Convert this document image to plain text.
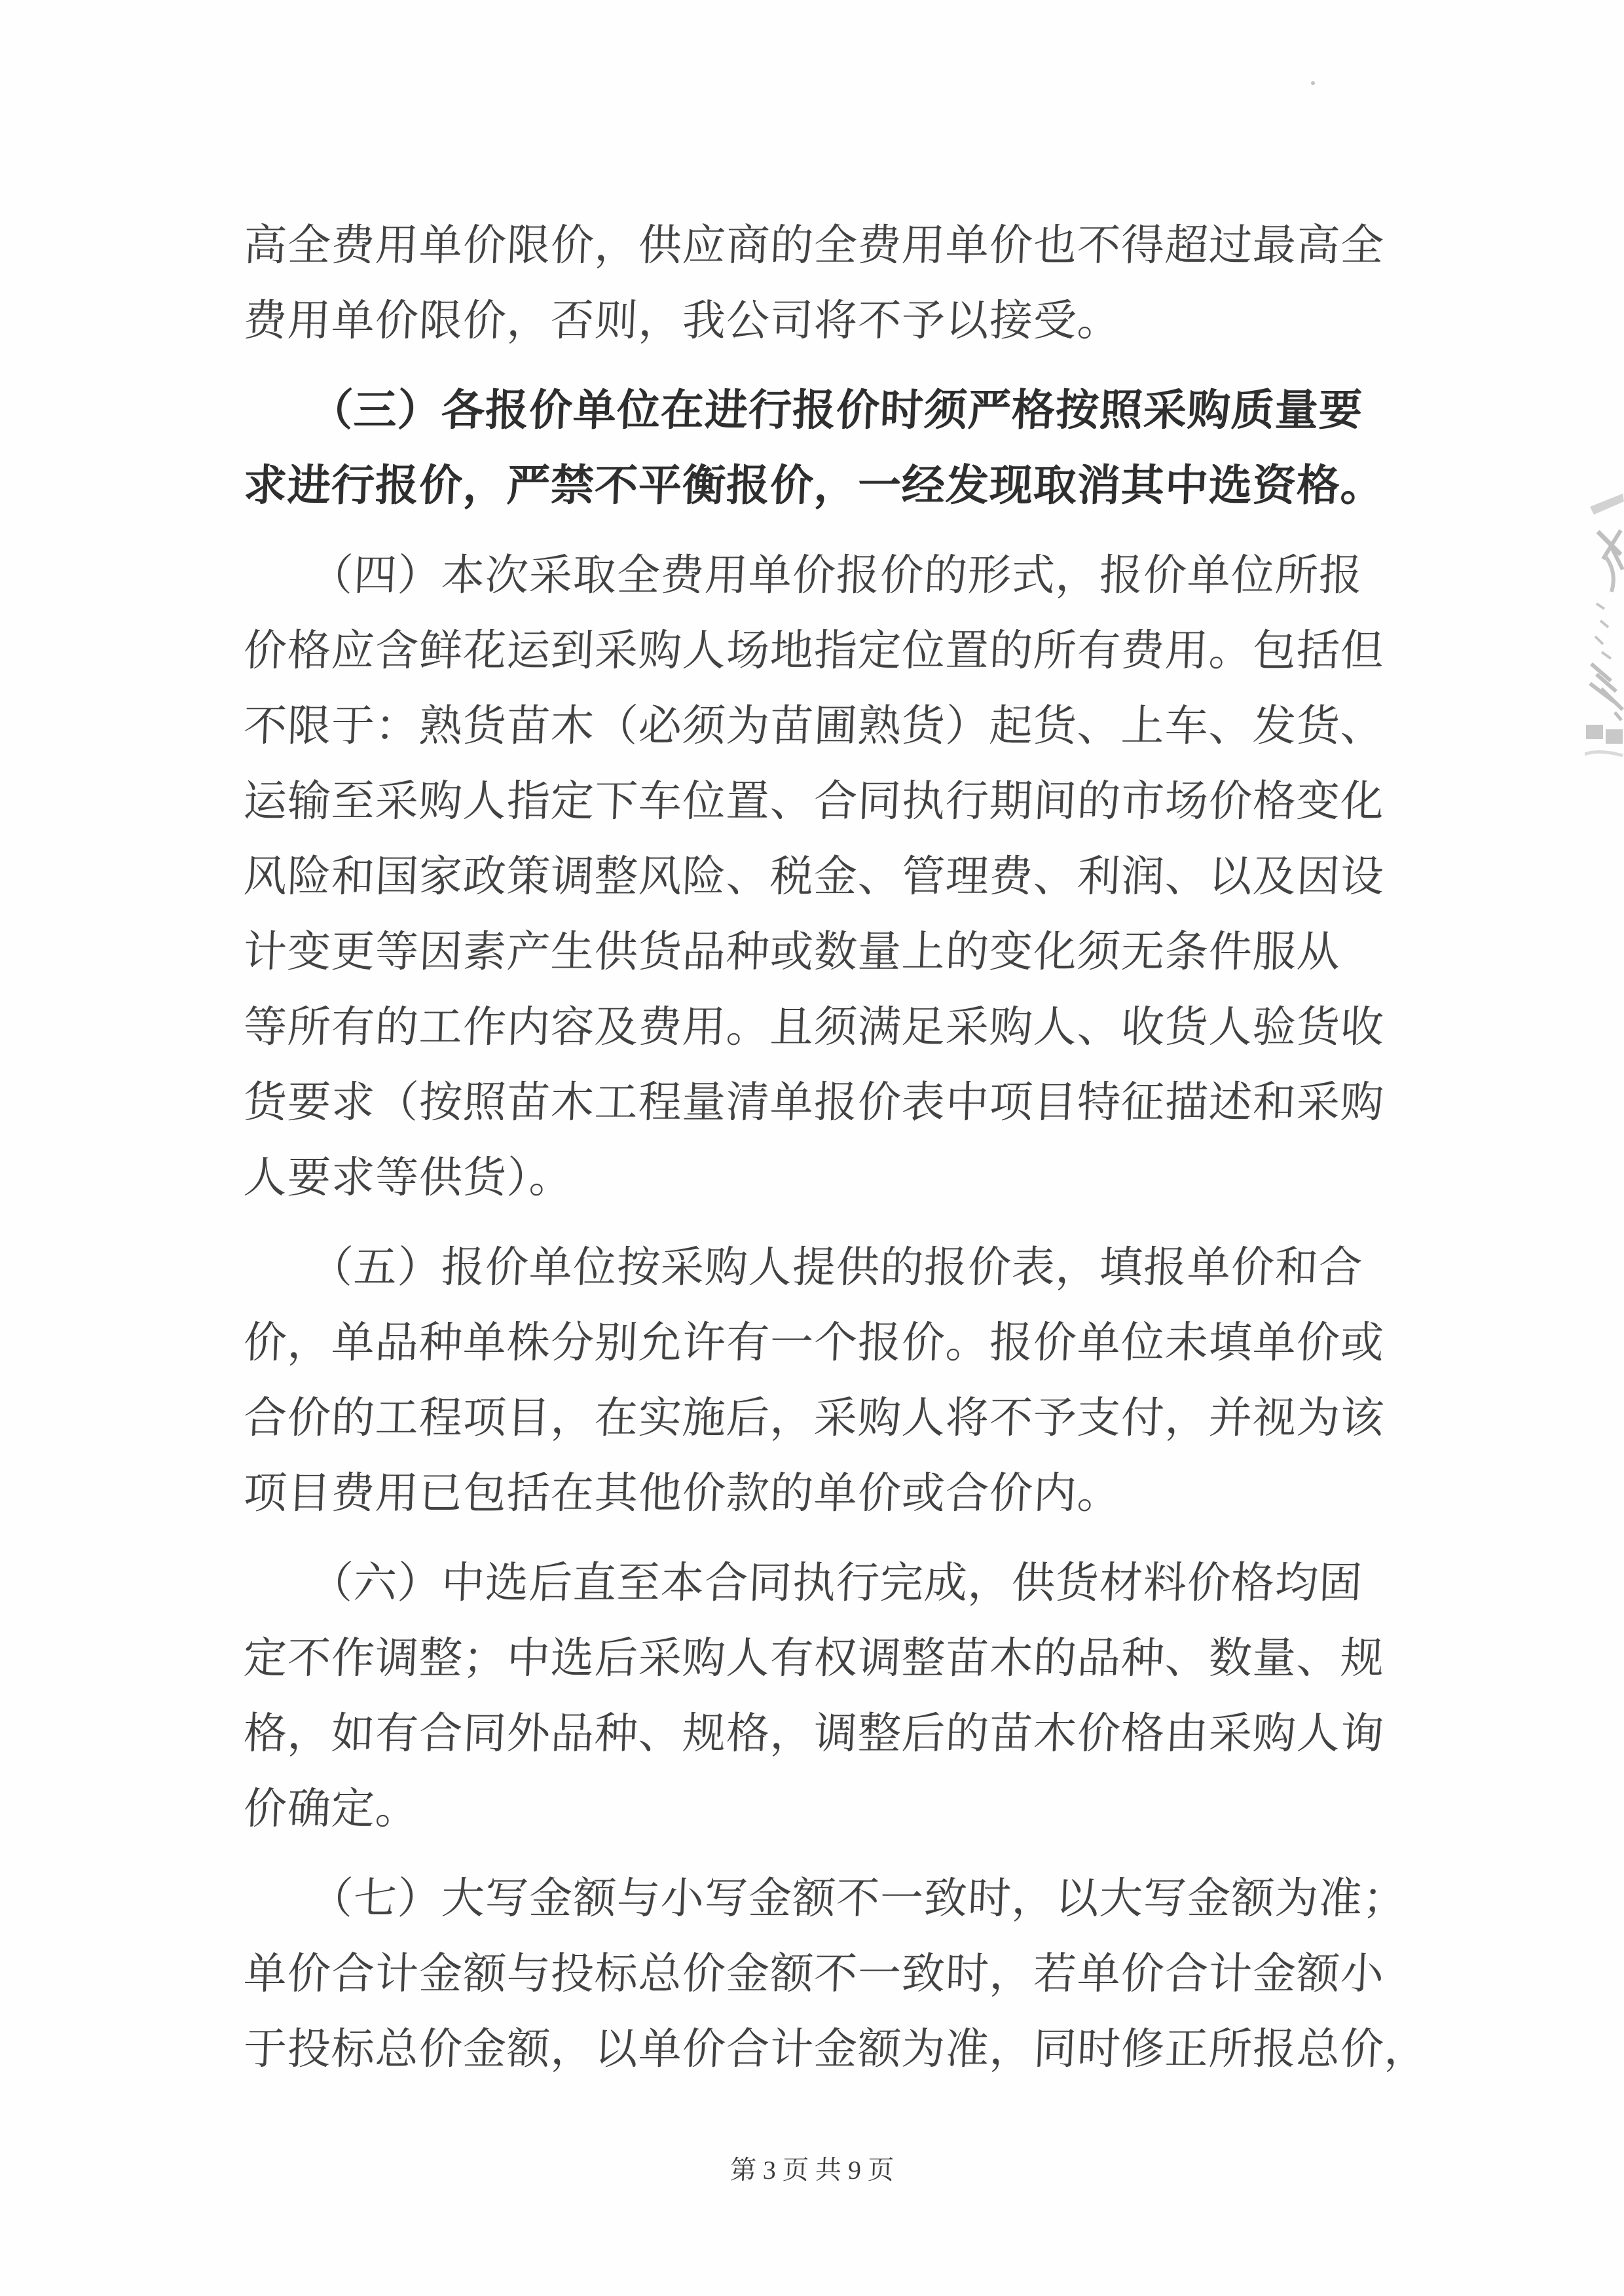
高全费用单价限价，供应商的全费用单价也不得超过最高全

费用单价限价，否则，我公司将不予以接受。

　　（三）各报价单位在进行报价时须严格按照采购质量要

求进行报价，严禁不平衡报价，一经发现取消其中选资格。

　　（四）本次采取全费用单价报价的形式，报价单位所报

价格应含鲜花运到采购人场地指定位置的所有费用。包括但

不限于：熟货苗木（必须为苗圃熟货）起货、上车、发货、

运输至采购人指定下车位置、合同执行期间的市场价格变化

风险和国家政策调整风险、税金、管理费、利润、以及因设

计变更等因素产生供货品种或数量上的变化须无条件服从

等所有的工作内容及费用。且须满足采购人、收货人验货收

货要求（按照苗木工程量清单报价表中项目特征描述和采购

人要求等供货）。

　　（五）报价单位按采购人提供的报价表，填报单价和合

价，单品种单株分别允许有一个报价。报价单位未填单价或

合价的工程项目，在实施后，采购人将不予支付，并视为该

项目费用已包括在其他价款的单价或合价内。

　　（六）中选后直至本合同执行完成，供货材料价格均固

定不作调整；中选后采购人有权调整苗木的品种、数量、规

格，如有合同外品种、规格，调整后的苗木价格由采购人询

价确定。

　　（七）大写金额与小写金额不一致时，以大写金额为准；

单价合计金额与投标总价金额不一致时，若单价合计金额小

于投标总价金额，以单价合计金额为准，同时修正所报总价，

第 3 页 共 9 页
